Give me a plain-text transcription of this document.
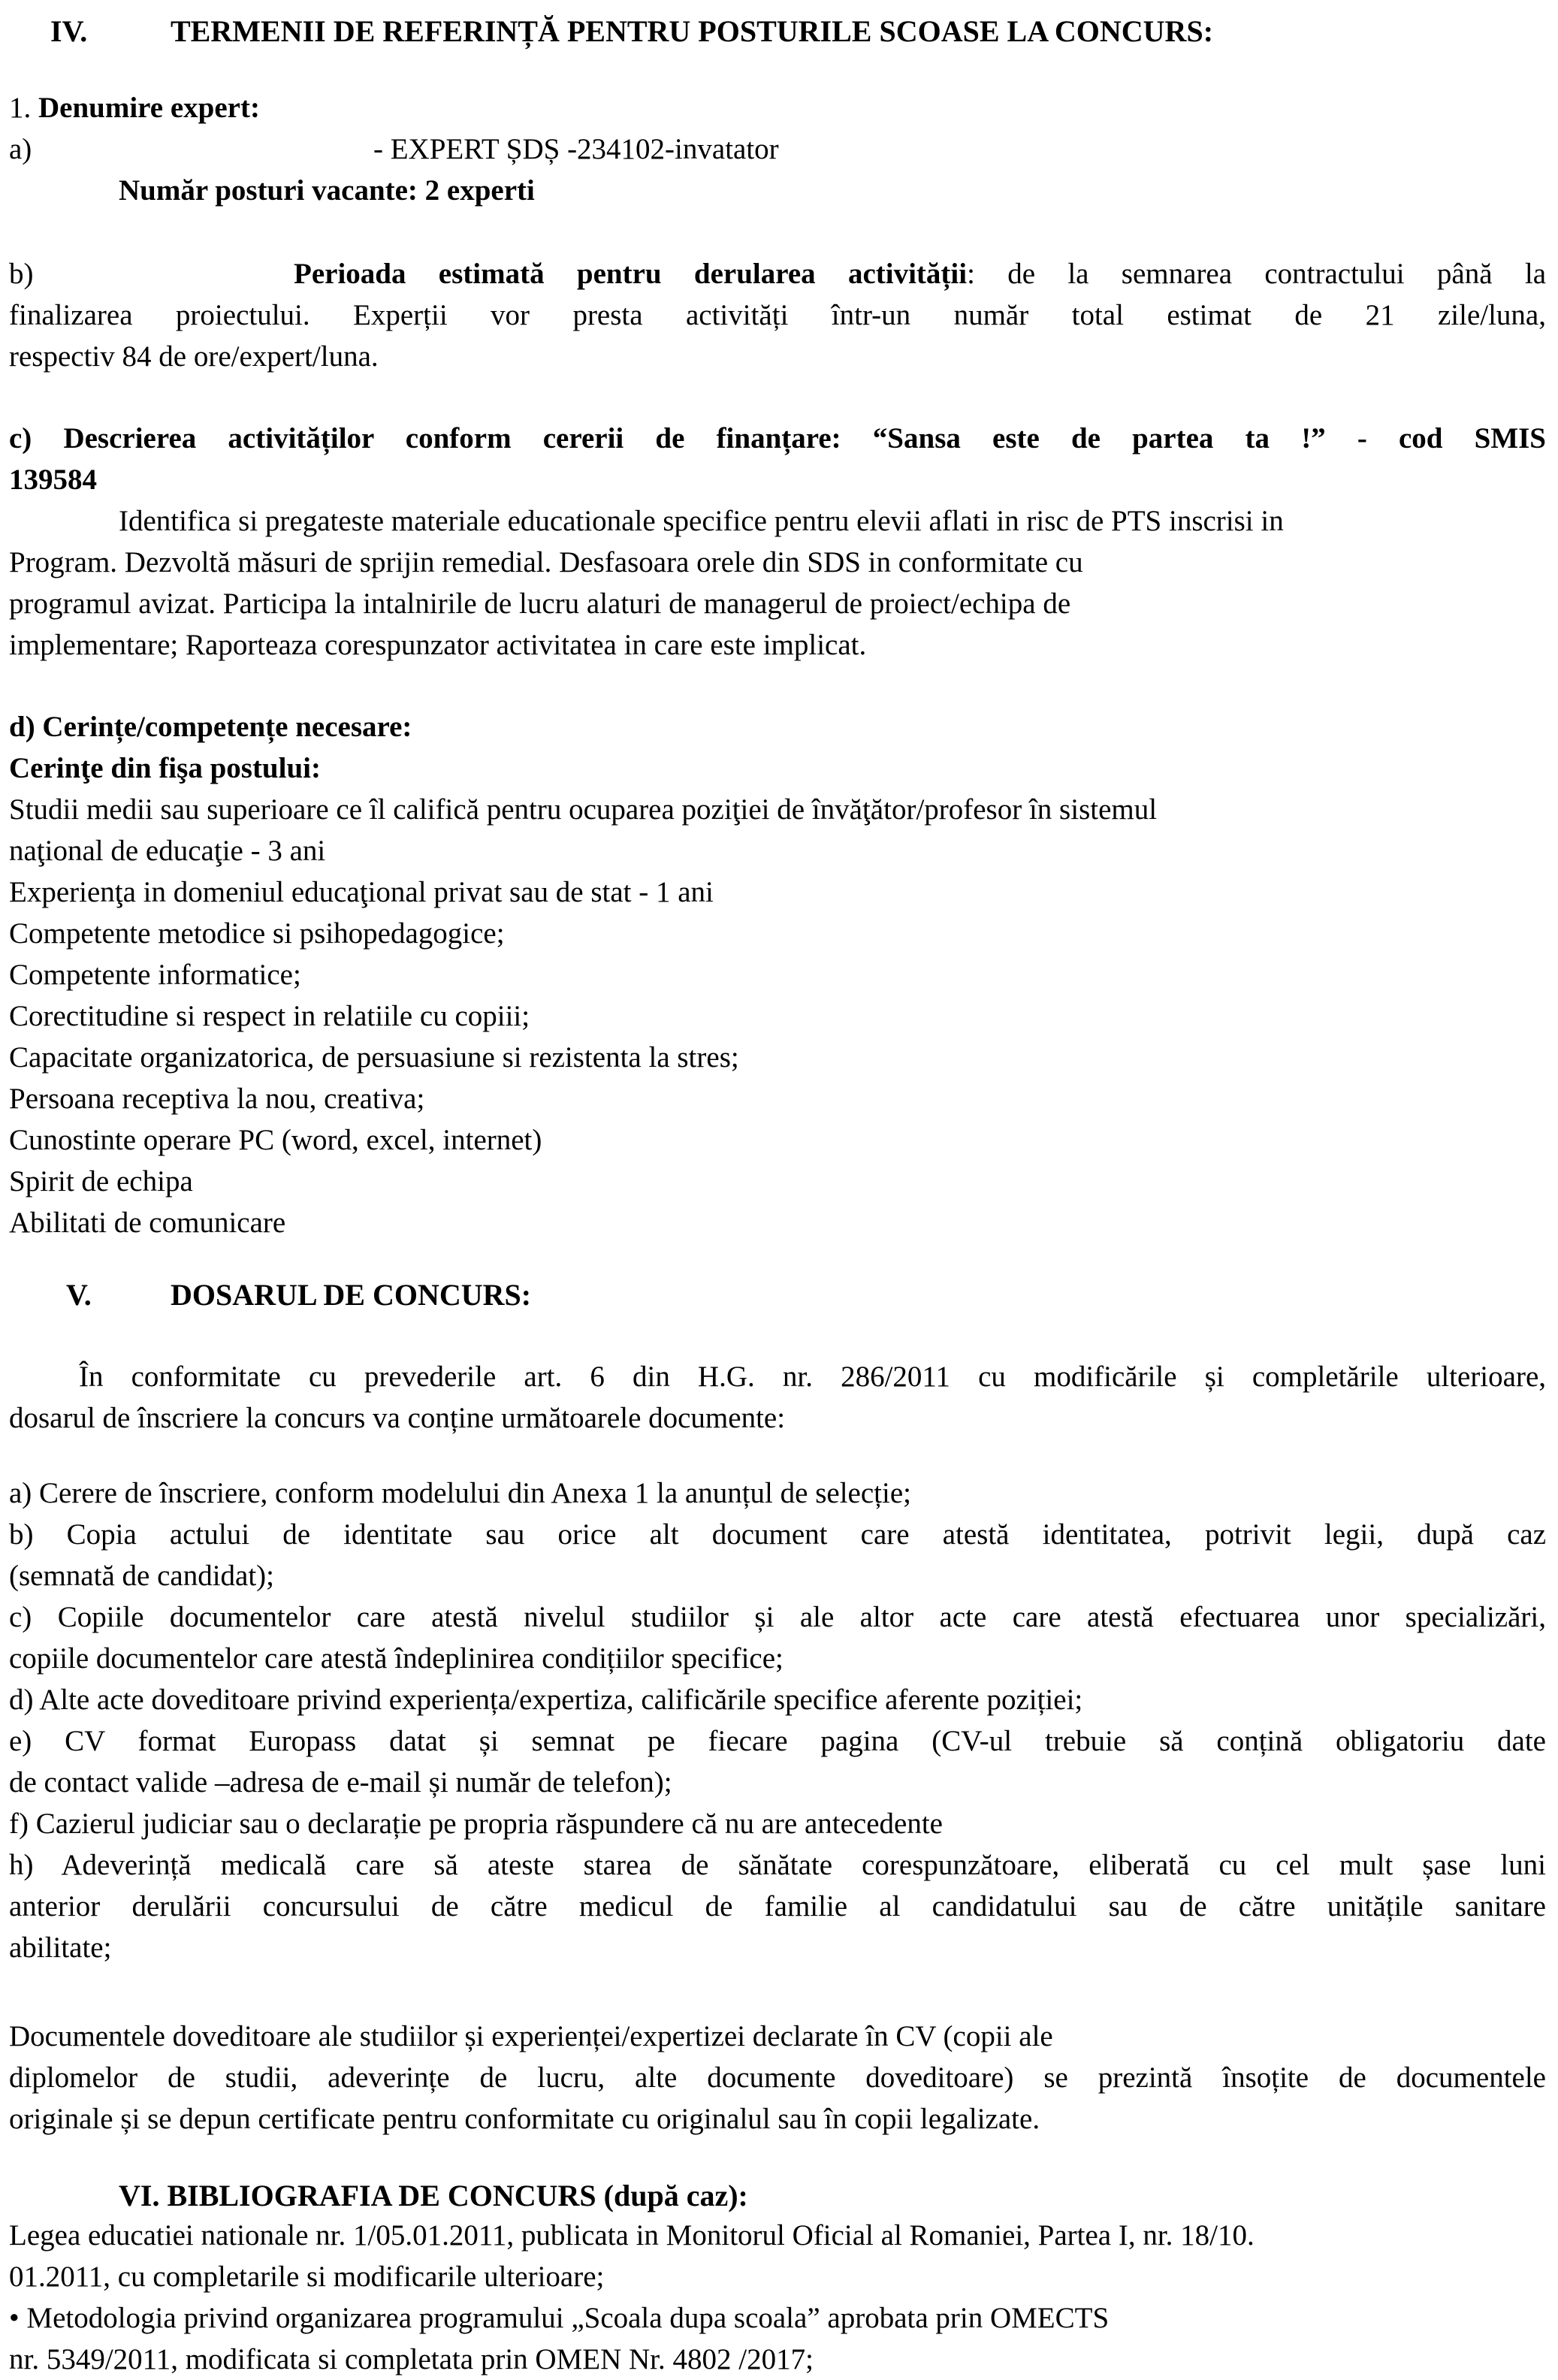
IV.	TERMENII DE REFERINȚĂ PENTRU POSTURILE SCOASE LA CONCURS:
1. Denumire expert:
a)	- EXPERT ȘDȘ -234102-invatator
Număr posturi vacante: 2 experti
b)	Perioada estimată pentru derularea activității: de la semnarea contractului până la
finalizarea proiectului. Experții vor presta activități într-un număr total estimat de 21 zile/luna,
respectiv 84 de ore/expert/luna.
c) Descrierea activităților conform cererii de finanțare: “Sansa este de partea ta !” - cod SMIS
139584
Identifica si pregateste materiale educationale specifice pentru elevii aflati in risc de PTS inscrisi in
Program. Dezvoltă măsuri de sprijin remedial. Desfasoara orele din SDS in conformitate cu
programul avizat. Participa la intalnirile de lucru alaturi de managerul de proiect/echipa de
implementare; Raporteaza corespunzator activitatea in care este implicat.
d) Cerințe/competențe necesare:
Cerinţe din fişa postului:
Studii medii sau superioare ce îl califică pentru ocuparea poziţiei de învăţător/profesor în sistemul
naţional de educaţie - 3 ani
Experienţa in domeniul educaţional privat sau de stat - 1 ani
Competente metodice si psihopedagogice;
Competente informatice;
Corectitudine si respect in relatiile cu copiii;
Capacitate organizatorica, de persuasiune si rezistenta la stres;
Persoana receptiva la nou, creativa;
Cunostinte operare PC (word, excel, internet)
Spirit de echipa
Abilitati de comunicare
V.	DOSARUL DE CONCURS:
În conformitate cu prevederile art. 6 din H.G. nr. 286/2011 cu modificările și completările ulterioare,
dosarul de înscriere la concurs va conține următoarele documente:
a) Cerere de înscriere, conform modelului din Anexa 1 la anunțul de selecție;
b) Copia actului de identitate sau orice alt document care atestă identitatea, potrivit legii, după caz
(semnată de candidat);
c) Copiile documentelor care atestă nivelul studiilor și ale altor acte care atestă efectuarea unor specializări,
copiile documentelor care atestă îndeplinirea condițiilor specifice;
d) Alte acte doveditoare privind experiența/expertiza, calificările specifice aferente poziției;
e) CV format Europass datat și semnat pe fiecare pagina (CV-ul trebuie să conțină obligatoriu date
de contact valide –adresa de e-mail și număr de telefon);
f) Cazierul judiciar sau o declarație pe propria răspundere că nu are antecedente
h) Adeverință medicală care să ateste starea de sănătate corespunzătoare, eliberată cu cel mult șase luni
anterior derulării concursului de către medicul de familie al candidatului sau de către unitățile sanitare
abilitate;
Documentele doveditoare ale studiilor și experienței/expertizei declarate în CV (copii ale
diplomelor de studii, adeverințe de lucru, alte documente doveditoare) se prezintă însoțite de documentele
originale și se depun certificate pentru conformitate cu originalul sau în copii legalizate.
VI. BIBLIOGRAFIA DE CONCURS (după caz):
Legea educatiei nationale nr. 1/05.01.2011, publicata in Monitorul Oficial al Romaniei, Partea I, nr. 18/10.
01.2011, cu completarile si modificarile ulterioare;
• Metodologia privind organizarea programului „Scoala dupa scoala” aprobata prin OMECTS
nr. 5349/2011, modificata si completata prin OMEN Nr. 4802 /2017;
